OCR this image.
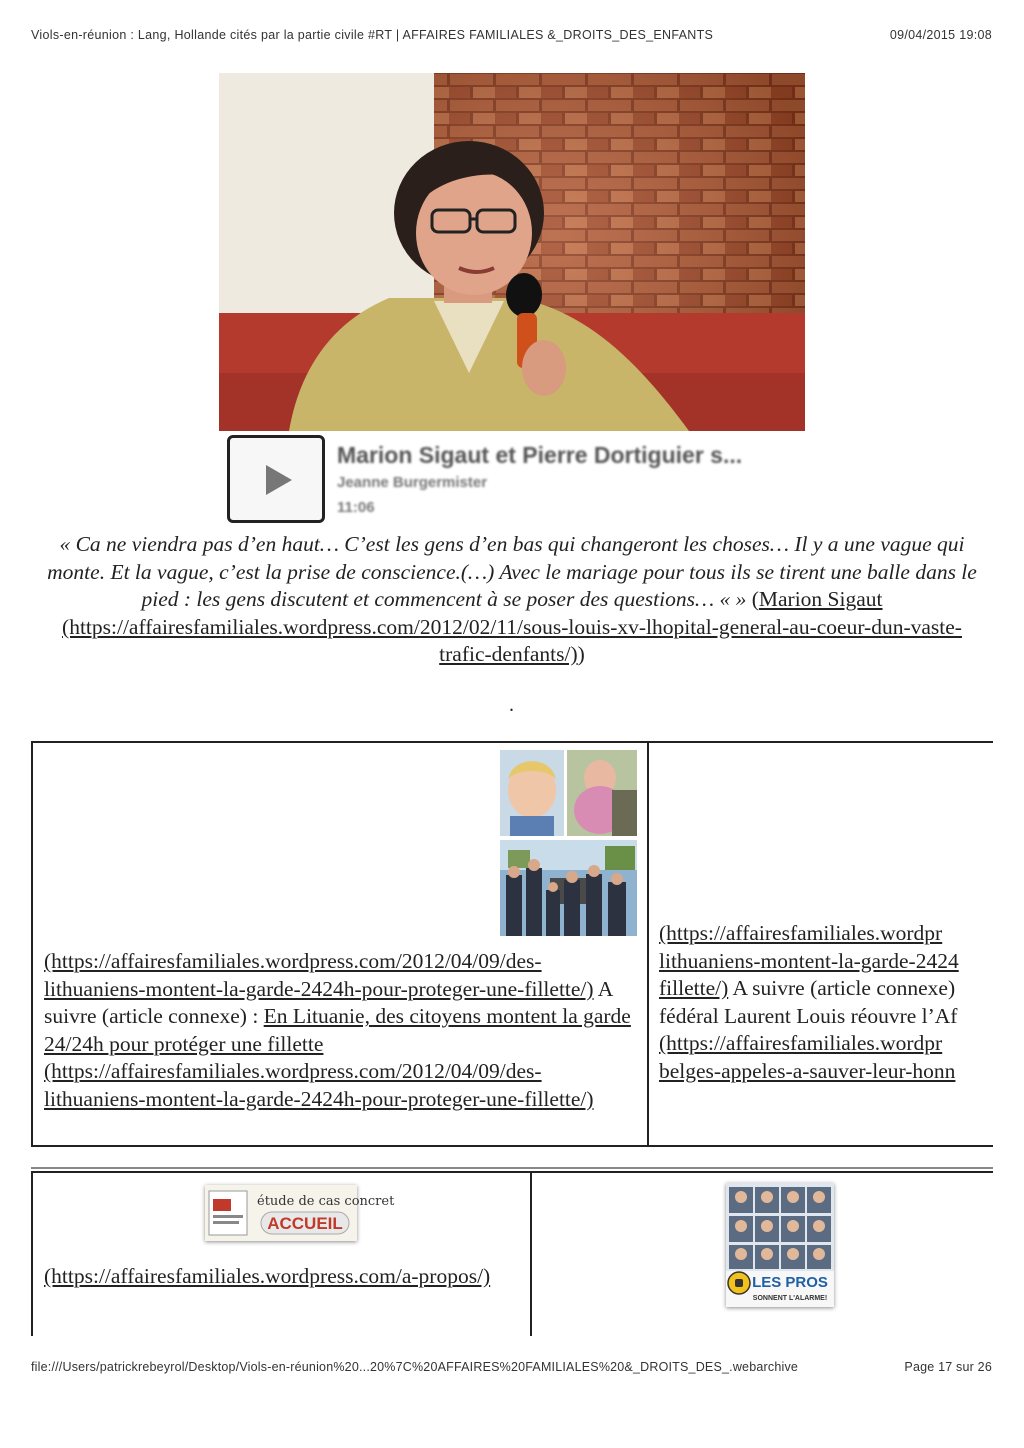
Viols-en-réunion : Lang, Hollande cités par la partie civile #RT | AFFAIRES FAMILIALES &_DROITS_DES_ENFANTS	09/04/2015 19:08
Marion Sigaut et Pierre Dortiguier s...
Jeanne Burgermister
11:06
« Ca ne viendra pas d’en haut… C’est les gens d’en bas qui changeront les choses… Il y a une vague qui monte. Et la vague, c’est la prise de conscience.(…) Avec le mariage pour tous ils se tirent une balle dans le pied : les gens discutent et commencent à se poser des questions… « » (Marion Sigaut (https://affairesfamiliales.wordpress.com/2012/02/11/sous-louis-xv-lhopital-general-au-coeur-dun-vaste-trafic-denfants/))
.
(https://affairesfamiliales.wordpress.com/2012/04/09/des-lithuaniens-montent-la-garde-2424h-pour-proteger-une-fillette/) A suivre (article connexe) : En Lituanie, des citoyens montent la garde 24/24h pour protéger une fillette (https://affairesfamiliales.wordpress.com/2012/04/09/des-lithuaniens-montent-la-garde-2424h-pour-proteger-une-fillette/)
(https://affairesfamiliales.wordpr
lithuaniens-montent-la-garde-2424
fillette/) A suivre (article connexe)
fédéral Laurent Louis réouvre l’Af
(https://affairesfamiliales.wordpr
belges-appeles-a-sauver-leur-honn
étude de cas concret
ACCUEIL
(https://affairesfamiliales.wordpress.com/a-propos/)	LES PROS
SONNENT L'ALARME!
file:///Users/patrickrebeyrol/Desktop/Viols-en-réunion%20...20%7C%20AFFAIRES%20FAMILIALES%20&_DROITS_DES_.webarchive	Page 17 sur 26
